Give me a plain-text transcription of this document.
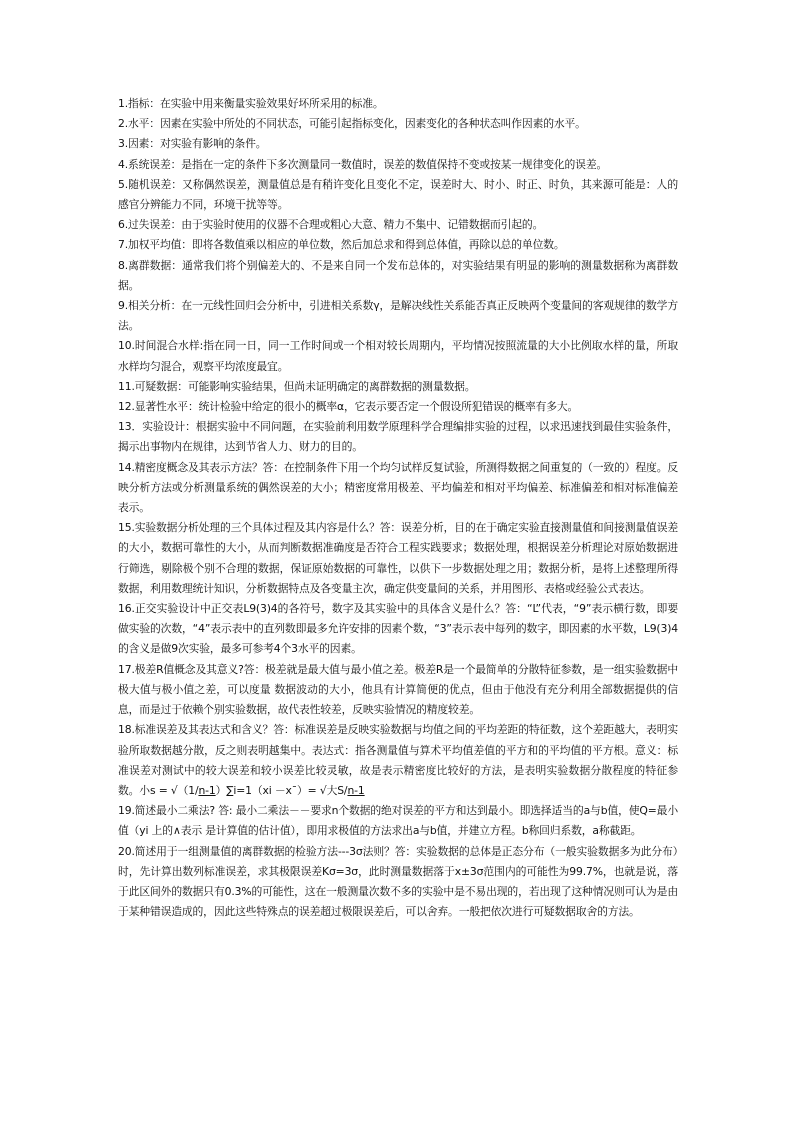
1.指标：在实验中用来衡量实验效果好坏所采用的标准。

2.水平：因素在实验中所处的不同状态，可能引起指标变化，因素变化的各种状态叫作因素的水平。

3.因素：对实验有影响的条件。

4.系统误差：是指在一定的条件下多次测量同一数值时，误差的数值保持不变或按某一规律变化的误差。

5.随机误差：又称偶然误差，测量值总是有稍许变化且变化不定，误差时大、时小、时正、时负，其来源可能是：人的感官分辨能力不同，环境干扰等等。

6.过失误差：由于实验时使用的仪器不合理或粗心大意、精力不集中、记错数据而引起的。

7.加权平均值：即将各数值乘以相应的单位数，然后加总求和得到总体值，再除以总的单位数。

8.离群数据：通常我们将个别偏差大的、不是来自同一个发布总体的，对实验结果有明显的影响的测量数据称为离群数据。

9.相关分析：在一元线性回归会分析中，引进相关系数γ，是解决线性关系能否真正反映两个变量间的客观规律的数学方法。

10.时间混合水样:指在同一日，同一工作时间或一个相对较长周期内，平均情况按照流量的大小比例取水样的量，所取水样均匀混合，观察平均浓度最宜。

11.可疑数据：可能影响实验结果，但尚未证明确定的离群数据的测量数据。

12.显著性水平：统计检验中给定的很小的概率α，它表示要否定一个假设所犯错误的概率有多大。

13．实验设计：根据实验中不同问题，在实验前利用数学原理科学合理编排实验的过程，以求迅速找到最佳实验条件，揭示出事物内在规律，达到节省人力、财力的目的。

14.精密度概念及其表示方法？答：在控制条件下用一个均匀试样反复试验，所测得数据之间重复的（一致的）程度。反映分析方法或分析测量系统的偶然误差的大小；精密度常用极差、平均偏差和相对平均偏差、标准偏差和相对标准偏差表示。

15.实验数据分析处理的三个具体过程及其内容是什么？答：误差分析，目的在于确定实验直接测量值和间接测量值误差的大小，数据可靠性的大小，从而判断数据准确度是否符合工程实践要求；数据处理，根据误差分析理论对原始数据进行筛选，剔除极个别不合理的数据，保证原始数据的可靠性，以供下一步数据处理之用；数据分析，是将上述整理所得数据，利用数理统计知识，分析数据特点及各变量主次，确定供变量间的关系，并用图形、表格或经验公式表达。

16.正交实验设计中正交表L9(3)4的各符号，数字及其实验中的具体含义是什么？答：“L”代表，“9”表示横行数，即要做实验的次数，“4”表示表中的直列数即最多允许安排的因素个数，“3”表示表中每列的数字，即因素的水平数，L9(3)4的含义是做9次实验，最多可参考4个3水平的因素。

17.极差R值概念及其意义?答：极差就是最大值与最小值之差。极差R是一个最简单的分散特征参数，是一组实验数据中极大值与极小值之差，可以度量 数据波动的大小，他具有计算简便的优点，但由于他没有充分利用全部数据提供的信息，而是过于依赖个别实验数据，故代表性较差，反映实验情况的精度较差。

18.标准误差及其表达式和含义？答：标准误差是反映实验数据与均值之间的平均差距的特征数，这个差距越大，表明实验所取数据越分散，反之则表明越集中。表达式：指各测量值与算术平均值差值的平方和的平均值的平方根。意义：标准误差对测试中的较大误差和较小误差比较灵敏，故是表示精密度比较好的方法，是表明实验数据分散程度的特征参数。小s = √（1/n-1）∑i=1（xi －x¯）= √大S/n-1

19.简述最小二乘法? 答: 最小二乘法－－要求n个数据的绝对误差的平方和达到最小。即选择适当的a与b值，使Q=最小值（yi 上的∧表示 是计算值的估计值），即用求极值的方法求出a与b值，并建立方程。b称回归系数，a称截距。

20.简述用于一组测量值的离群数据的检验方法---3σ法则？答：实验数据的总体是正态分布（一般实验数据多为此分布）时，先计算出数列标准误差，求其极限误差Kσ=3σ，此时测量数据落于x±3σ范围内的可能性为99.7%，也就是说，落于此区间外的数据只有0.3%的可能性，这在一般测量次数不多的实验中是不易出现的，若出现了这种情况则可认为是由于某种错误造成的，因此这些特殊点的误差超过极限误差后，可以舍弃。一般把依次进行可疑数据取舍的方法。
